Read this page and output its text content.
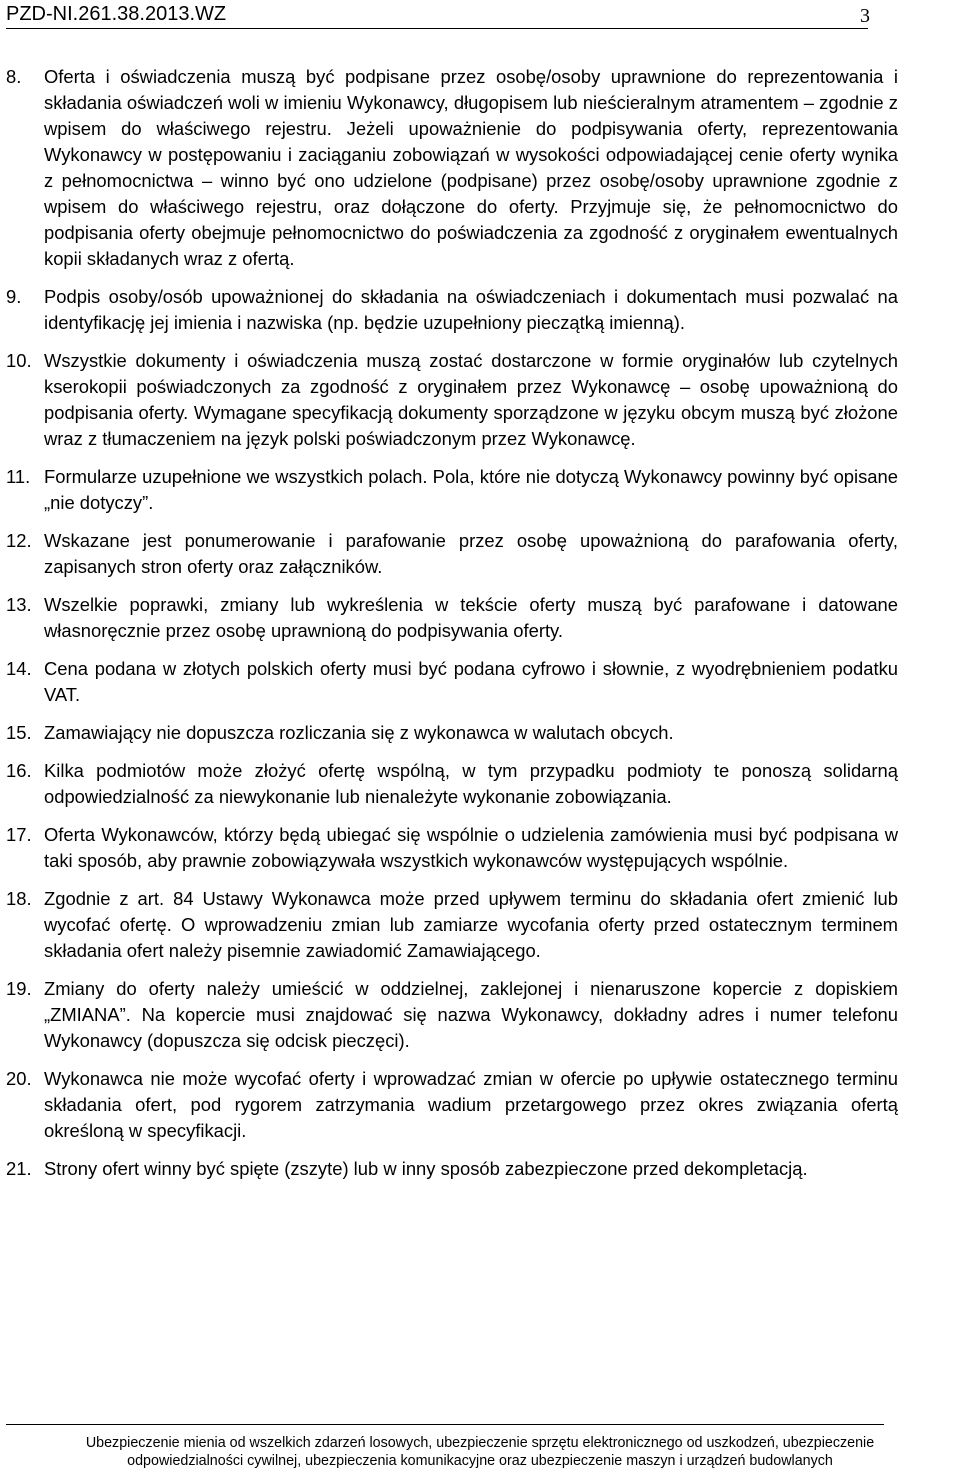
PZD-NI.261.38.2013.WZ	3
8. Oferta i oświadczenia muszą być podpisane przez osobę/osoby uprawnione do reprezentowania i składania oświadczeń woli w imieniu Wykonawcy, długopisem lub nieścieralnym atramentem – zgodnie z wpisem do właściwego rejestru. Jeżeli upoważnienie do podpisywania oferty, reprezentowania Wykonawcy w postępowaniu i zaciąganiu zobowiązań w wysokości odpowiadającej cenie oferty wynika z pełnomocnictwa – winno być ono udzielone (podpisane) przez osobę/osoby uprawnione zgodnie z wpisem do właściwego rejestru, oraz dołączone do oferty. Przyjmuje się, że pełnomocnictwo do podpisania oferty obejmuje pełnomocnictwo do poświadczenia za zgodność z oryginałem ewentualnych kopii składanych wraz z ofertą.
9. Podpis osoby/osób upoważnionej do składania na oświadczeniach i dokumentach musi pozwalać na identyfikację jej imienia i nazwiska (np. będzie uzupełniony pieczątką imienną).
10. Wszystkie dokumenty i oświadczenia muszą zostać dostarczone w formie oryginałów lub czytelnych kserokopii poświadczonych za zgodność z oryginałem przez Wykonawcę – osobę upoważnioną do podpisania oferty. Wymagane specyfikacją dokumenty sporządzone w języku obcym muszą być złożone wraz z tłumaczeniem na język polski poświadczonym przez Wykonawcę.
11. Formularze uzupełnione we wszystkich polach. Pola, które nie dotyczą Wykonawcy powinny być opisane „nie dotyczy”.
12. Wskazane jest ponumerowanie i parafowanie przez osobę upoważnioną do parafowania oferty, zapisanych stron oferty oraz załączników.
13. Wszelkie poprawki, zmiany lub wykreślenia w tekście oferty muszą być parafowane i datowane własnoręcznie przez osobę uprawnioną do podpisywania oferty.
14. Cena podana w złotych polskich oferty musi być podana cyfrowo i słownie, z wyodrębnieniem podatku VAT.
15. Zamawiający nie dopuszcza rozliczania się z wykonawca w walutach obcych.
16. Kilka podmiotów może złożyć ofertę wspólną, w tym przypadku podmioty te ponoszą solidarną odpowiedzialność za niewykonanie lub nienależyte wykonanie zobowiązania.
17. Oferta Wykonawców, którzy będą ubiegać się wspólnie o udzielenia zamówienia musi być podpisana w taki sposób, aby prawnie zobowiązywała wszystkich wykonawców występujących wspólnie.
18. Zgodnie z art. 84 Ustawy Wykonawca może przed upływem terminu do składania ofert zmienić lub wycofać ofertę. O wprowadzeniu zmian lub zamiarze wycofania oferty przed ostatecznym terminem składania ofert należy pisemnie zawiadomić Zamawiającego.
19. Zmiany do oferty należy umieścić w oddzielnej, zaklejonej i nienaruszone kopercie z dopiskiem „ZMIANA”. Na kopercie musi znajdować się nazwa Wykonawcy, dokładny adres i numer telefonu Wykonawcy (dopuszcza się odcisk pieczęci).
20. Wykonawca nie może wycofać oferty i wprowadzać zmian w ofercie po upływie ostatecznego terminu składania ofert, pod rygorem zatrzymania wadium przetargowego przez okres związania ofertą określoną w specyfikacji.
21. Strony ofert winny być spięte (zszyte) lub w inny sposób zabezpieczone przed dekompletacją.
Ubezpieczenie mienia od wszelkich zdarzeń losowych, ubezpieczenie sprzętu elektronicznego od uszkodzeń, ubezpieczenie
odpowiedzialności cywilnej, ubezpieczenia komunikacyjne oraz ubezpieczenie maszyn i urządzeń budowlanych
